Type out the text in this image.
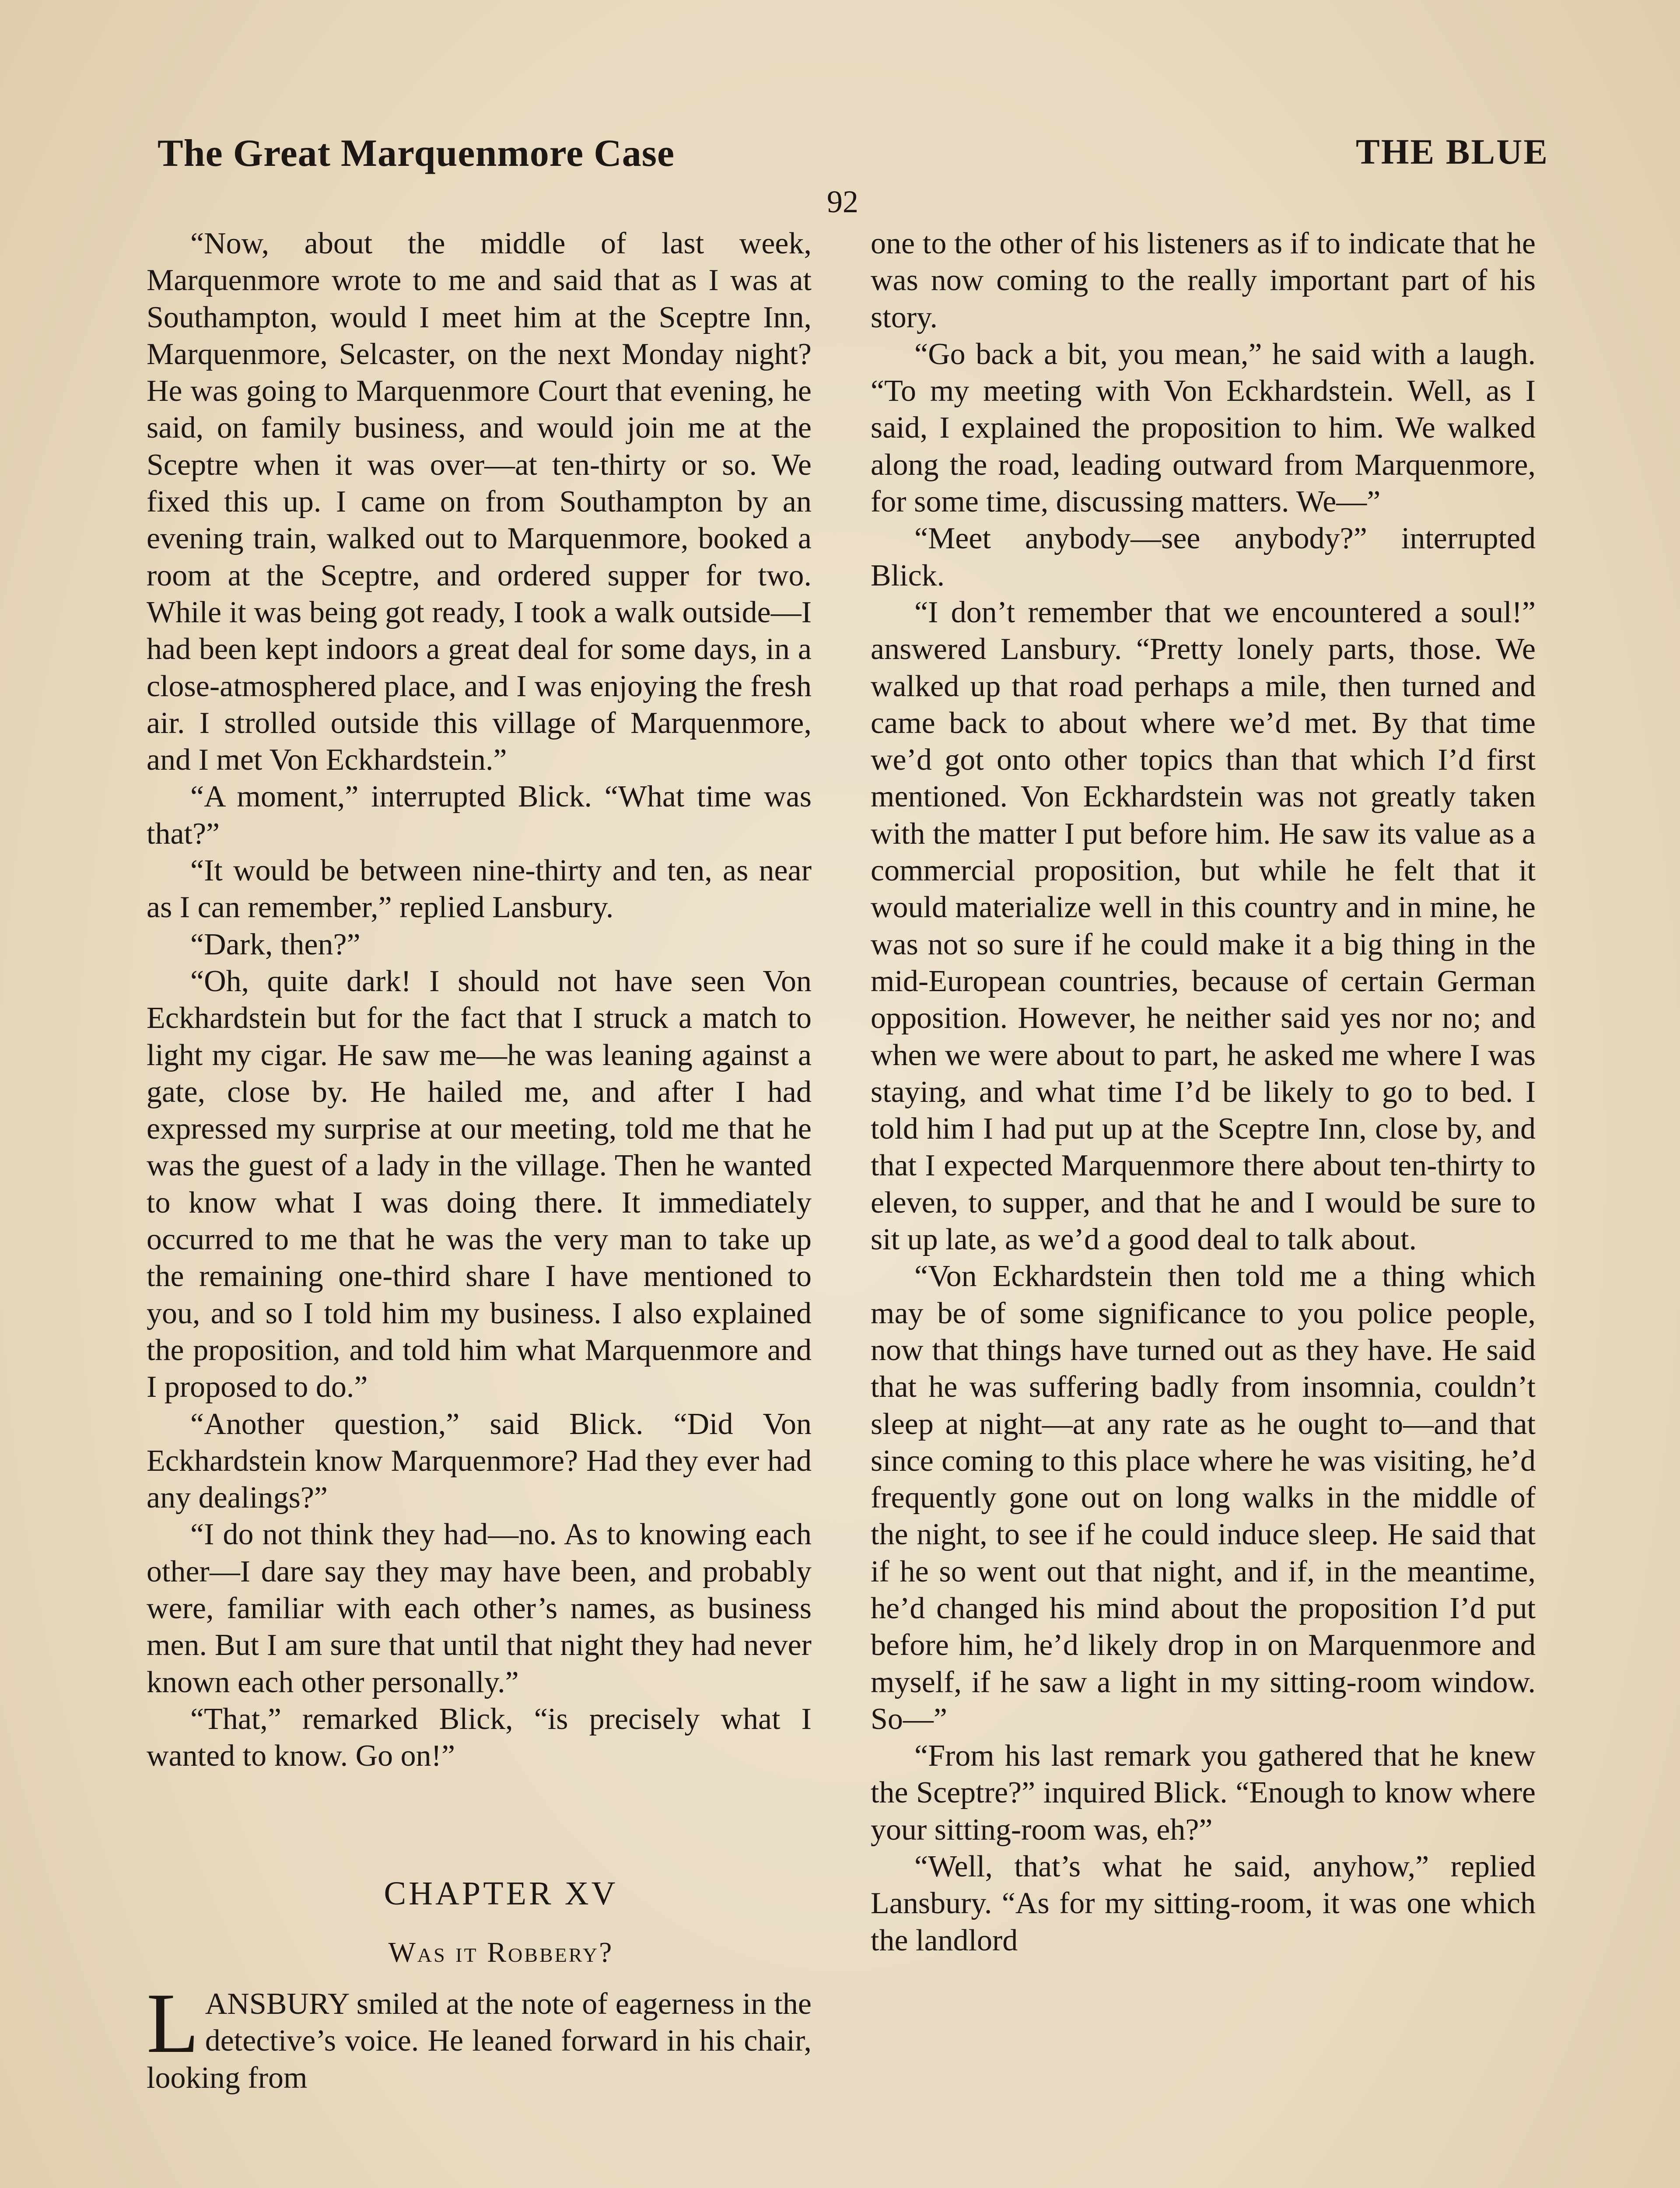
The Great Marquenmore Case	THE BLUE
92

“Now, about the middle of last week, Marquenmore wrote to me and said that as I was at Southampton, would I meet him at the Sceptre Inn, Marquenmore, Selcaster, on the next Monday night? He was going to Marquenmore Court that evening, he said, on family business, and would join me at the Sceptre when it was over—at ten-thirty or so. We fixed this up. I came on from Southampton by an evening train, walked out to Marquenmore, booked a room at the Sceptre, and ordered supper for two. While it was being got ready, I took a walk outside—I had been kept indoors a great deal for some days, in a close-atmosphered place, and I was enjoying the fresh air. I strolled outside this village of Marquenmore, and I met Von Eckhardstein.”

“A moment,” interrupted Blick. “What time was that?”

“It would be between nine-thirty and ten, as near as I can remember,” replied Lansbury.

“Dark, then?”

“Oh, quite dark! I should not have seen Von Eckhardstein but for the fact that I struck a match to light my cigar. He saw me—he was leaning against a gate, close by. He hailed me, and after I had expressed my surprise at our meeting, told me that he was the guest of a lady in the village. Then he wanted to know what I was doing there. It immediately occurred to me that he was the very man to take up the remaining one-third share I have mentioned to you, and so I told him my business. I also explained the proposition, and told him what Marquenmore and I proposed to do.”

“Another question,” said Blick. “Did Von Eckhardstein know Marquenmore? Had they ever had any dealings?”

“I do not think they had—no. As to knowing each other—I dare say they may have been, and probably were, familiar with each other’s names, as business men. But I am sure that until that night they had never known each other personally.”

“That,” remarked Blick, “is precisely what I wanted to know. Go on!”

CHAPTER XV

Was it Robbery?

LANSBURY smiled at the note of eagerness in the detective’s voice. He leaned forward in his chair, looking from

one to the other of his listeners as if to indicate that he was now coming to the really important part of his story.

“Go back a bit, you mean,” he said with a laugh. “To my meeting with Von Eckhardstein. Well, as I said, I explained the proposition to him. We walked along the road, leading outward from Marquenmore, for some time, discussing matters. We—”

“Meet anybody—see anybody?” interrupted Blick.

“I don’t remember that we encountered a soul!” answered Lansbury. “Pretty lonely parts, those. We walked up that road perhaps a mile, then turned and came back to about where we’d met. By that time we’d got onto other topics than that which I’d first mentioned. Von Eckhardstein was not greatly taken with the matter I put before him. He saw its value as a commercial proposition, but while he felt that it would materialize well in this country and in mine, he was not so sure if he could make it a big thing in the mid-European countries, because of certain German opposition. However, he neither said yes nor no; and when we were about to part, he asked me where I was staying, and what time I’d be likely to go to bed. I told him I had put up at the Sceptre Inn, close by, and that I expected Marquenmore there about ten-thirty to eleven, to supper, and that he and I would be sure to sit up late, as we’d a good deal to talk about.

“Von Eckhardstein then told me a thing which may be of some significance to you police people, now that things have turned out as they have. He said that he was suffering badly from insomnia, couldn’t sleep at night—at any rate as he ought to—and that since coming to this place where he was visiting, he’d frequently gone out on long walks in the middle of the night, to see if he could induce sleep. He said that if he so went out that night, and if, in the meantime, he’d changed his mind about the proposition I’d put before him, he’d likely drop in on Marquenmore and myself, if he saw a light in my sitting-room window. So—”

“From his last remark you gathered that he knew the Sceptre?” inquired Blick. “Enough to know where your sitting-room was, eh?”

“Well, that’s what he said, anyhow,” replied Lansbury. “As for my sitting-room, it was one which the landlord
